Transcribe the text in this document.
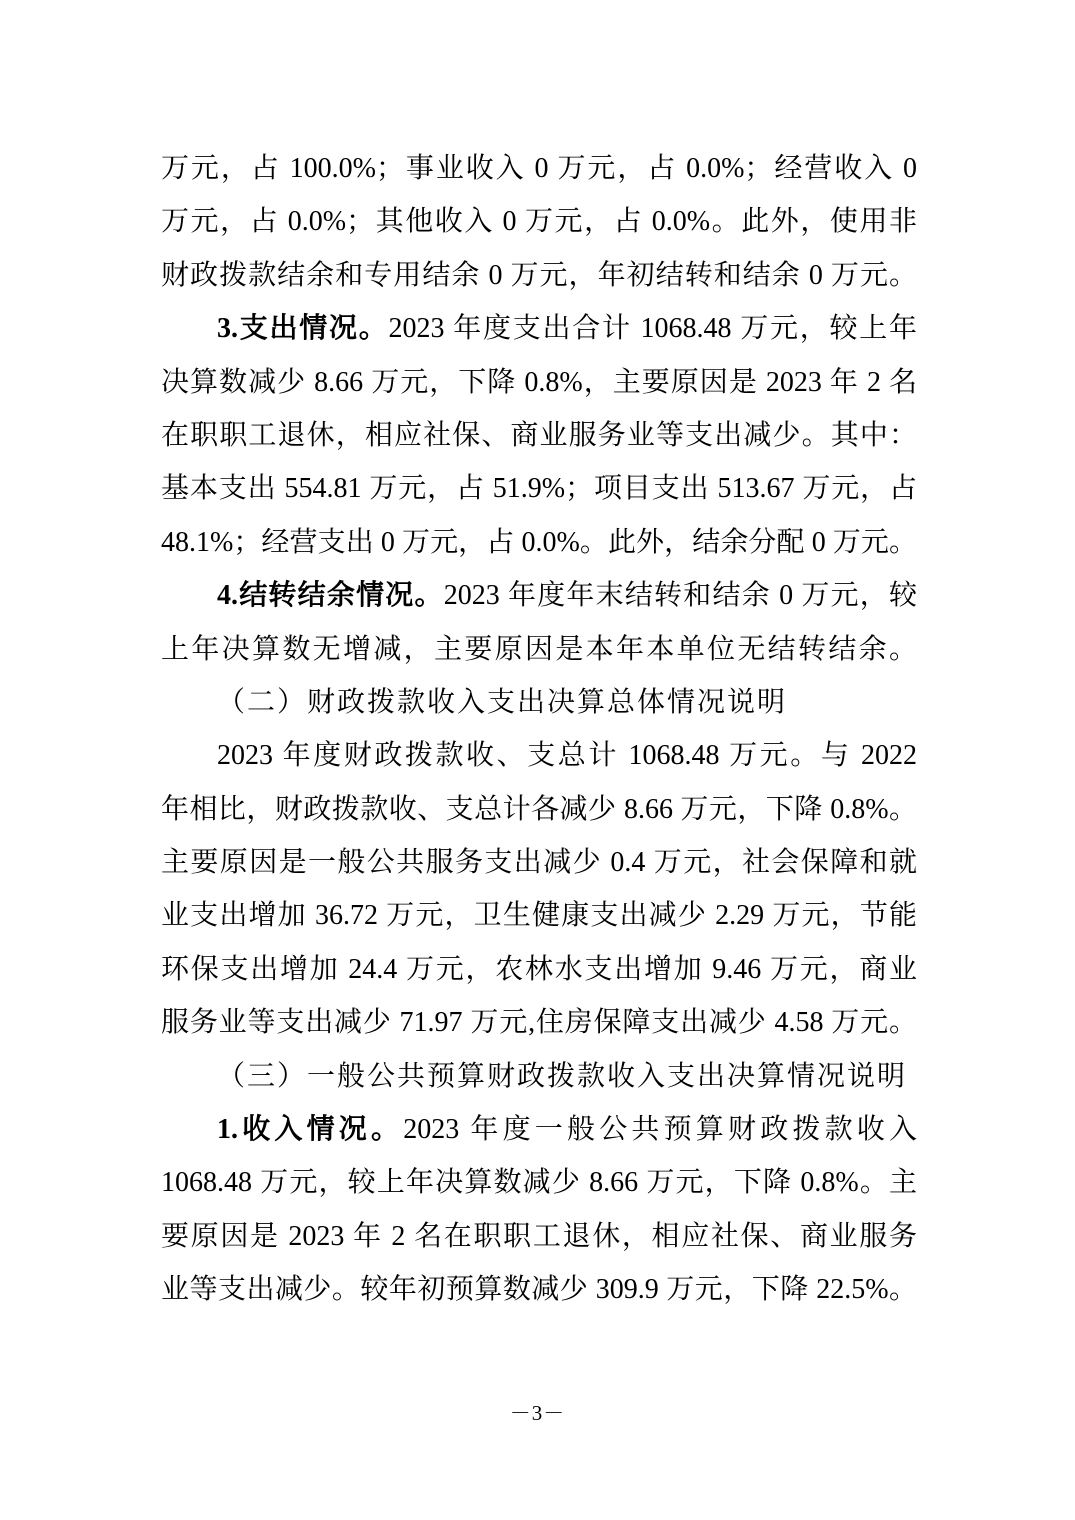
万元，占 100.0%；事业收入 0 万元，占 0.0%；经营收入 0
万元，占 0.0%；其他收入 0 万元，占 0.0%。此外，使用非
财政拨款结余和专用结余 0 万元，年初结转和结余 0 万元。
3.支出情况。2023 年度支出合计 1068.48 万元，较上年
决算数减少 8.66 万元，下降 0.8%，主要原因是 2023 年 2 名
在职职工退休，相应社保、商业服务业等支出减少。其中：
基本支出 554.81 万元，占 51.9%；项目支出 513.67 万元，占
48.1%；经营支出 0 万元，占 0.0%。此外，结余分配 0 万元。
4.结转结余情况。2023 年度年末结转和结余 0 万元，较
上年决算数无增减，主要原因是本年本单位无结转结余。
（二）财政拨款收入支出决算总体情况说明
2023 年度财政拨款收、支总计 1068.48 万元。与 2022
年相比，财政拨款收、支总计各减少 8.66 万元，下降 0.8%。
主要原因是一般公共服务支出减少 0.4 万元，社会保障和就
业支出增加 36.72 万元，卫生健康支出减少 2.29 万元，节能
环保支出增加 24.4 万元，农林水支出增加 9.46 万元，商业
服务业等支出减少 71.97 万元,住房保障支出减少 4.58 万元。
（三）一般公共预算财政拨款收入支出决算情况说明
1.收入情况。2023 年度一般公共预算财政拨款收入
1068.48 万元，较上年决算数减少 8.66 万元，下降 0.8%。主
要原因是 2023 年 2 名在职职工退休，相应社保、商业服务
业等支出减少。较年初预算数减少 309.9 万元，下降 22.5%。
－3－
